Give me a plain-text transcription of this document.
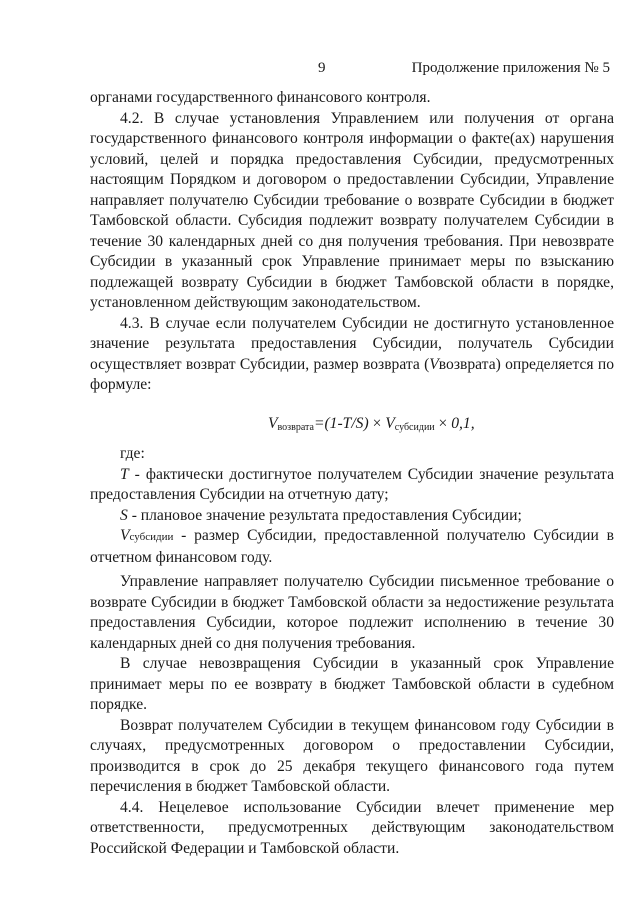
9	Продолжение приложения № 5

органами государственного финансового контроля.

4.2. В случае установления Управлением или получения от органа государственного финансового контроля информации о факте(ах) нарушения условий, целей и порядка предоставления Субсидии, предусмотренных настоящим Порядком и договором о предоставлении Субсидии, Управление направляет получателю Субсидии требование о возврате Субсидии в бюджет Тамбовской области. Субсидия подлежит возврату получателем Субсидии в течение 30 календарных дней со дня получения требования. При невозврате Субсидии в указанный срок Управление принимает меры по взысканию подлежащей возврату Субсидии в бюджет Тамбовской области в порядке, установленном действующим законодательством.

4.3. В случае если получателем Субсидии не достигнуто установленное значение результата предоставления Субсидии, получатель Субсидии осуществляет возврат Субсидии, размер возврата (Vвозврата) определяется по формуле:

$V_{возврата}=(1-T/S) \times V_{субсидии} \times 0,1$,

где:

T - фактически достигнутое получателем Субсидии значение результата предоставления Субсидии на отчетную дату;

S - плановое значение результата предоставления Субсидии;

Vсубсидии - размер Субсидии, предоставленной получателю Субсидии в отчетном финансовом году.

Управление направляет получателю Субсидии письменное требование о возврате Субсидии в бюджет Тамбовской области за недостижение результата предоставления Субсидии, которое подлежит исполнению в течение 30 календарных дней со дня получения требования.

В случае невозвращения Субсидии в указанный срок Управление принимает меры по ее возврату в бюджет Тамбовской области в судебном порядке.

Возврат получателем Субсидии в текущем финансовом году Субсидии в случаях, предусмотренных договором о предоставлении Субсидии, производится в срок до 25 декабря текущего финансового года путем перечисления в бюджет Тамбовской области.

4.4. Нецелевое использование Субсидии влечет применение мер ответственности, предусмотренных действующим законодательством Российской Федерации и Тамбовской области.
